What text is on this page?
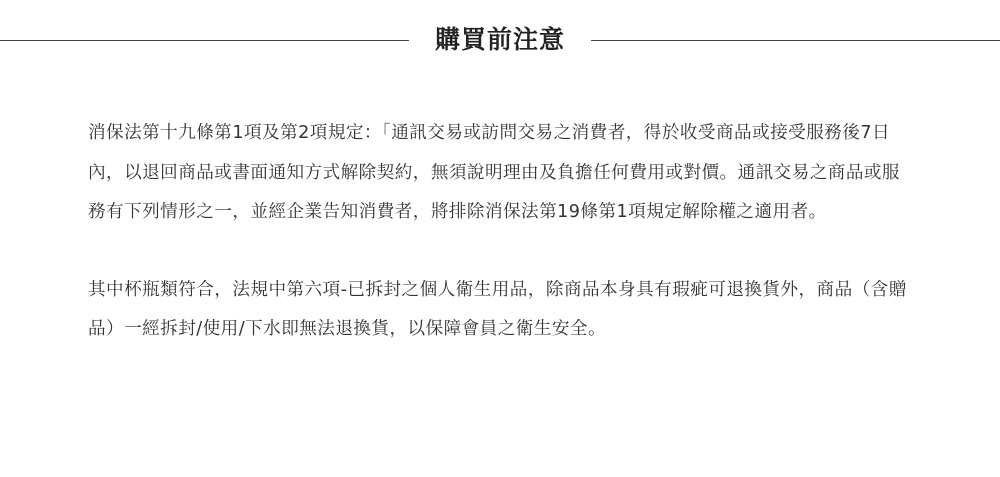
購買前注意

消保法第十九條第1項及第2項規定：「通訊交易或訪問交易之消費者，得於收受商品或接受服務後7日內，以退回商品或書面通知方式解除契約，無須說明理由及負擔任何費用或對價。通訊交易之商品或服務有下列情形之一，並經企業告知消費者，將排除消保法第19條第1項規定解除權之適用者。

其中杯瓶類符合，法規中第六項-已拆封之個人衛生用品，除商品本身具有瑕疵可退換貨外，商品（含贈品）一經拆封/使用/下水即無法退換貨，以保障會員之衛生安全。
